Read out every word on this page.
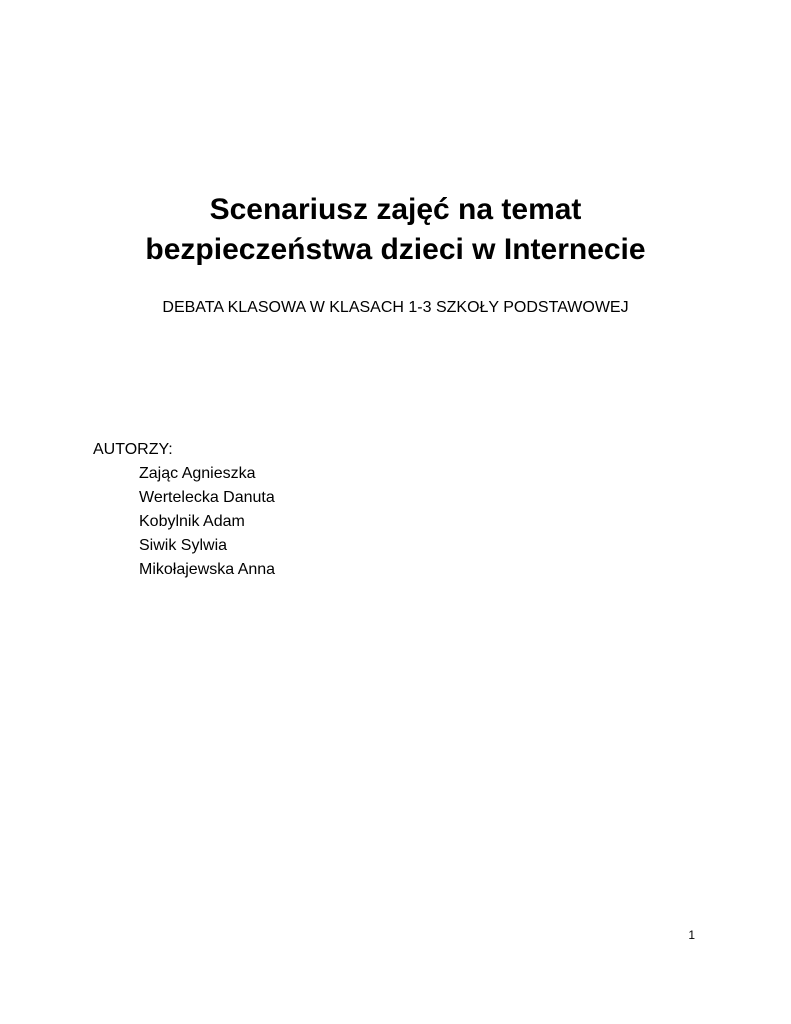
Scenariusz zajęć na temat
bezpieczeństwa dzieci w Internecie
DEBATA KLASOWA W KLASACH 1-3 SZKOŁY PODSTAWOWEJ
AUTORZY:
Zając Agnieszka
Wertelecka Danuta
Kobylnik Adam
Siwik Sylwia
Mikołajewska Anna
1
